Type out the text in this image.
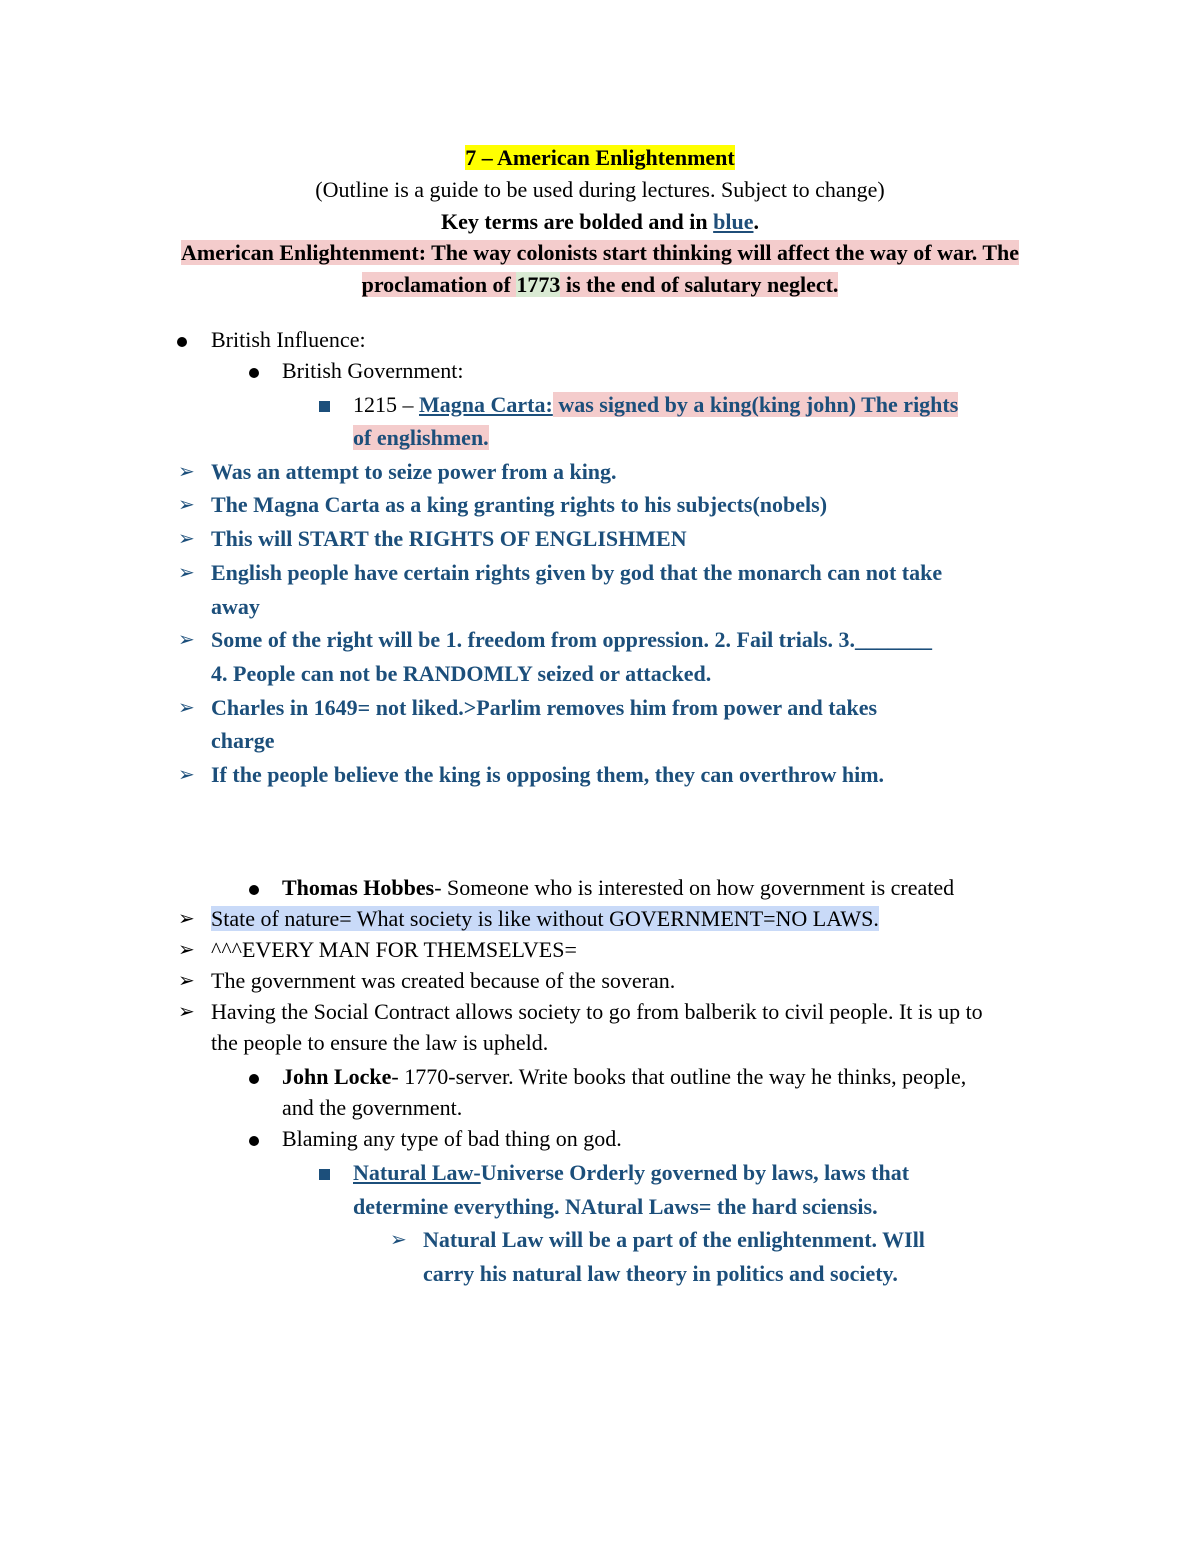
7 – American Enlightenment
(Outline is a guide to be used during lectures. Subject to change)
Key terms are bolded and in blue.
American Enlightenment: The way colonists start thinking will affect the way of war. The
proclamation of 1773 is the end of salutary neglect.
British Influence:
British Government:
1215 – Magna Carta: was signed by a king(king john) The rights
of englishmen.
➢ Was an attempt to seize power from a king.
➢ The Magna Carta as a king granting rights to his subjects(nobels)
➢ This will START the RIGHTS OF ENGLISHMEN
➢ English people have certain rights given by god that the monarch can not take
away
➢ Some of the right will be 1. freedom from oppression. 2. Fail trials. 3._______
4. People can not be RANDOMLY seized or attacked.
➢ Charles in 1649= not liked.>Parlim removes him from power and takes
charge
➢ If the people believe the king is opposing them, they can overthrow him.
Thomas Hobbes- Someone who is interested on how government is created
➢ State of nature= What society is like without GOVERNMENT=NO LAWS.
➢ ^^^EVERY MAN FOR THEMSELVES=
➢ The government was created because of the soveran.
➢ Having the Social Contract allows society to go from balberik to civil people. It is up to
the people to ensure the law is upheld.
John Locke- 1770-server. Write books that outline the way he thinks, people,
and the government.
Blaming any type of bad thing on god.
Natural Law-Universe Orderly governed by laws, laws that
determine everything. NAtural Laws= the hard sciensis.
➢ Natural Law will be a part of the enlightenment. WIll
carry his natural law theory in politics and society.
